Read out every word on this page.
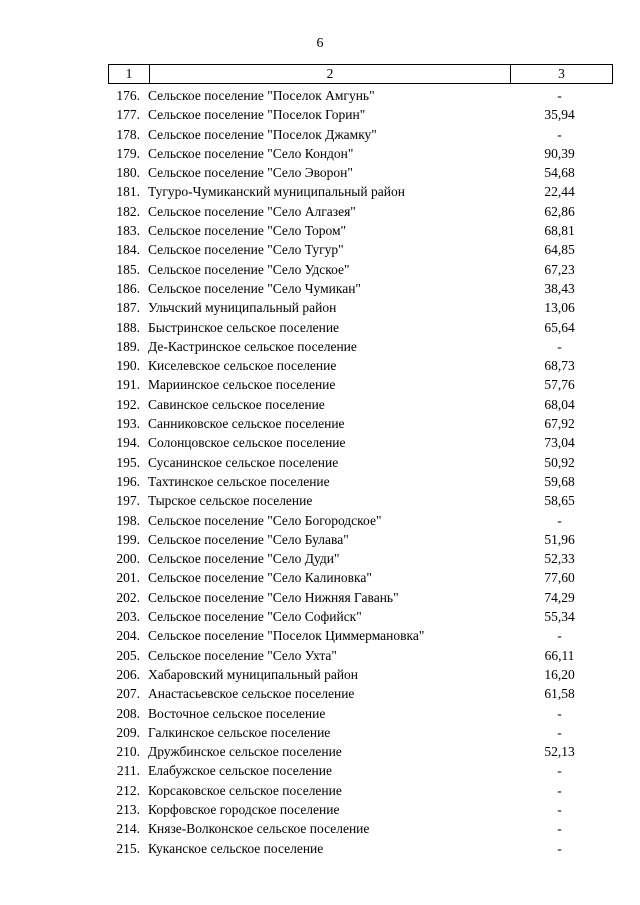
6
1	2	3
176. Сельское поселение "Поселок Амгунь"	-
177. Сельское поселение "Поселок Горин"	35,94
178. Сельское поселение "Поселок Джамку"	-
179. Сельское поселение "Село Кондон"	90,39
180. Сельское поселение "Село Эворон"	54,68
181. Тугуро-Чумиканский муниципальный район	22,44
182. Сельское поселение "Село Алгазея"	62,86
183. Сельское поселение "Село Тором"	68,81
184. Сельское поселение "Село Тугур"	64,85
185. Сельское поселение "Село Удское"	67,23
186. Сельское поселение "Село Чумикан"	38,43
187. Ульчский муниципальный район	13,06
188. Быстринское сельское поселение	65,64
189. Де-Кастринское сельское поселение	-
190. Киселевское сельское поселение	68,73
191. Мариинское сельское поселение	57,76
192. Савинское сельское поселение	68,04
193. Санниковское сельское поселение	67,92
194. Солонцовское сельское поселение	73,04
195. Сусанинское сельское поселение	50,92
196. Тахтинское сельское поселение	59,68
197. Тырское сельское поселение	58,65
198. Сельское поселение "Село Богородское"	-
199. Сельское поселение "Село Булава"	51,96
200. Сельское поселение "Село Дуди"	52,33
201. Сельское поселение "Село Калиновка"	77,60
202. Сельское поселение "Село Нижняя Гавань"	74,29
203. Сельское поселение "Село Софийск"	55,34
204. Сельское поселение "Поселок Циммермановка"	-
205. Сельское поселение "Село Ухта"	66,11
206. Хабаровский муниципальный район	16,20
207. Анастасьевское сельское поселение	61,58
208. Восточное сельское поселение	-
209. Галкинское сельское поселение	-
210. Дружбинское сельское поселение	52,13
211. Елабужское сельское поселение	-
212. Корсаковское сельское поселение	-
213. Корфовское городское поселение	-
214. Князе-Волконское сельское поселение	-
215. Куканское сельское поселение	-
